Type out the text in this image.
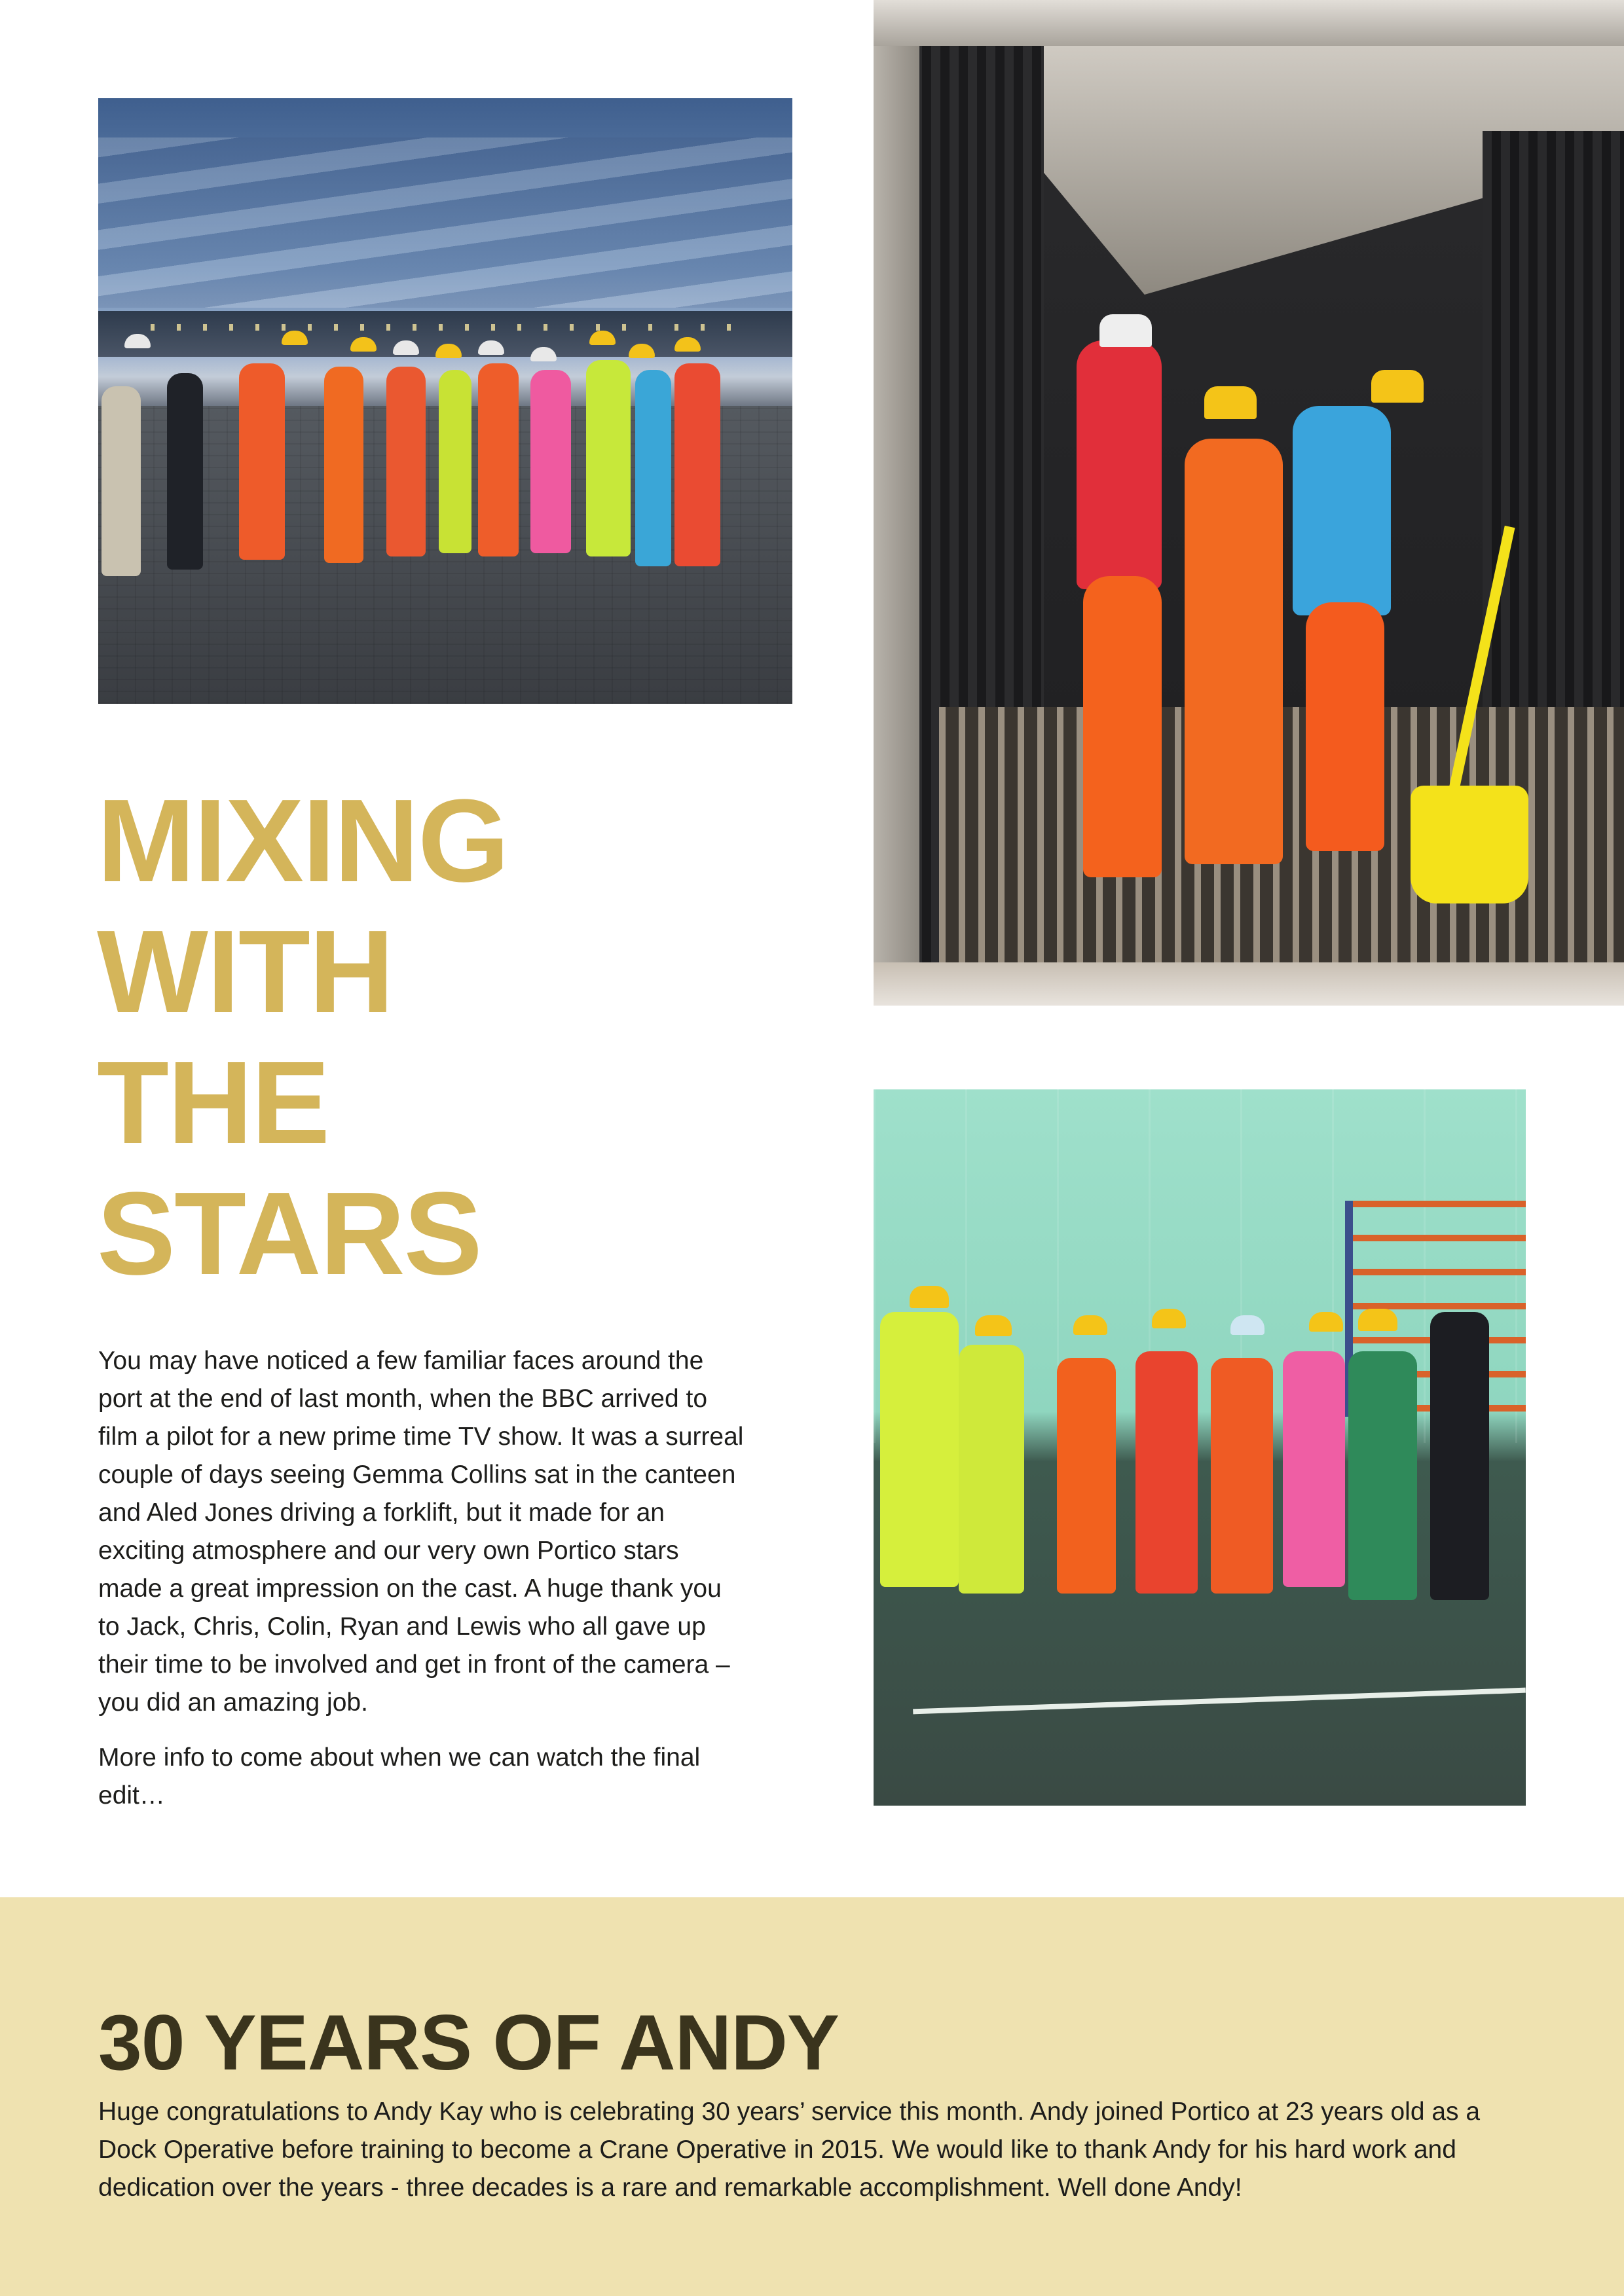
MIXING
WITH
THE
STARS

You may have noticed a few familiar faces around the port at the end of last month, when the BBC arrived to film a pilot for a new prime time TV show. It was a surreal couple of days seeing Gemma Collins sat in the canteen and Aled Jones driving a forklift, but it made for an exciting atmosphere and our very own Portico stars made a great impression on the cast. A huge thank you to Jack, Chris, Colin, Ryan and Lewis who all gave up their time to be involved and get in front of the camera – you did an amazing job.

More info to come about when we can watch the final edit…

30 YEARS OF ANDY

Huge congratulations to Andy Kay who is celebrating 30 years’ service this month. Andy joined Portico at 23 years old as a Dock Operative before training to become a Crane Operative in 2015. We would like to thank Andy for his hard work and dedication over the years - three decades is a rare and remarkable accomplishment. Well done Andy!
